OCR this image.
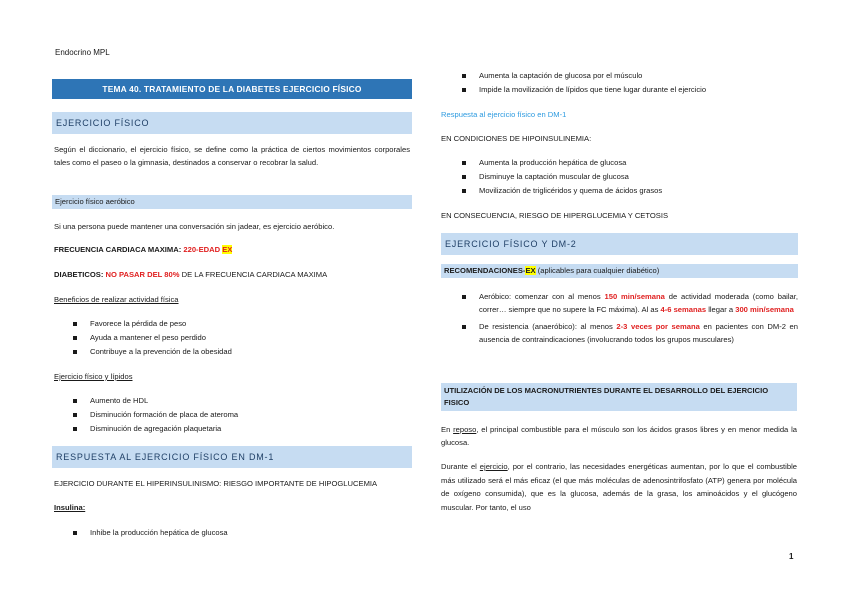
Endocrino MPL
TEMA 40. TRATAMIENTO DE LA DIABETES EJERCICIO FÍSICO
EJERCICIO FÍSICO

Según el diccionario, el ejercicio físico, se define como la práctica de ciertos movimientos corporales tales como el paseo o la gimnasia, destinados a conservar o recobrar la salud.

Ejercicio físico aeróbico

Si una persona puede mantener una conversación sin jadear, es ejercicio aeróbico.

FRECUENCIA CARDIACA MAXIMA: 220-EDAD EX

DIABETICOS: NO PASAR DEL 80% DE LA FRECUENCIA CARDIACA MAXIMA

Beneficios de realizar actividad física

Favorece la pérdida de peso
Ayuda a mantener el peso perdido
Contribuye a la prevención de la obesidad

Ejercicio físico y lípidos

Aumento de HDL
Disminución formación de placa de ateroma
Disminución de agregación plaquetaria
RESPUESTA AL EJERCICIO FÍSICO EN DM-1

EJERCICIO DURANTE EL HIPERINSULINISMO: RIESGO IMPORTANTE DE HIPOGLUCEMIA

Insulina:

Inhibe la producción hepática de glucosa
Aumenta la captación de glucosa por el músculo
Impide la movilización de lípidos que tiene lugar durante el ejercicio

Respuesta al ejercicio físico en DM-1

EN CONDICIONES DE HIPOINSULINEMIA:

Aumenta la producción hepática de glucosa
Disminuye la captación muscular de glucosa
Movilización de triglicéridos y quema de ácidos grasos

EN CONSECUENCIA, RIESGO DE HIPERGLUCEMIA Y CETOSIS

EJERCICIO FÍSICO Y DM-2
RECOMENDACIONES-EX (aplicables para cualquier diabético)
Aeróbico: comenzar con al menos 150 min/semana de actividad moderada (como bailar, correr… siempre que no supere la FC máxima). Al as 4-6 semanas llegar a 300 min/semana
De resistencia (anaeróbico): al menos 2-3 veces por semana en pacientes con DM-2 en ausencia de contraindicaciones (involucrando todos los grupos musculares)
UTILIZACIÓN DE LOS MACRONUTRIENTES DURANTE EL DESARROLLO DEL EJERCICIO FISICO

En reposo, el principal combustible para el músculo son los ácidos grasos libres y en menor medida la glucosa.

Durante el ejercicio, por el contrario, las necesidades energéticas aumentan, por lo que el combustible más utilizado será el más eficaz (el que más moléculas de adenosintrifosfato (ATP) genera por molécula de oxígeno consumida), que es la glucosa, además de la grasa, los aminoácidos y el glucógeno muscular. Por tanto, el uso

1
